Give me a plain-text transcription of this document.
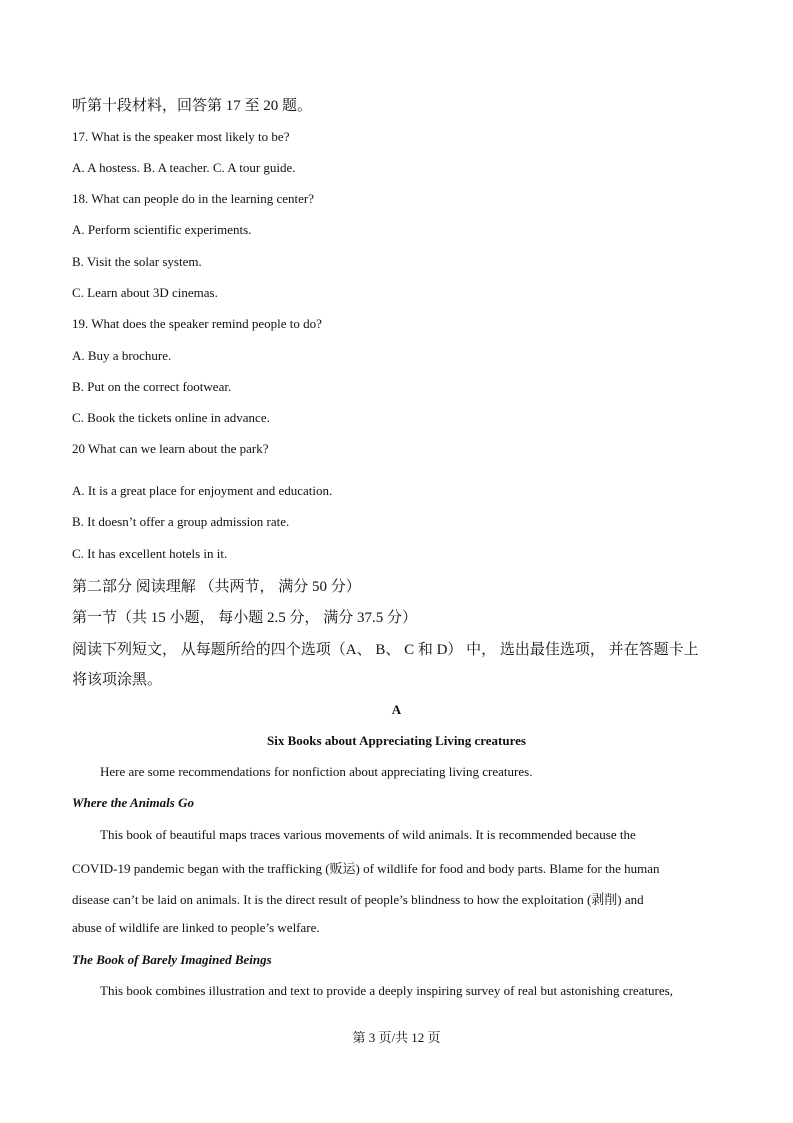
听第十段材料，回答第 17 至 20 题。
17. What is the speaker most likely to be?
A. A hostess. B. A teacher. C. A tour guide.
18. What can people do in the learning center?
A. Perform scientific experiments.
B. Visit the solar system.
C. Learn about 3D cinemas.
19. What does the speaker remind people to do?
A. Buy a brochure.
B. Put on the correct footwear.
C. Book the tickets online in advance.
20 What can we learn about the park?
A. It is a great place for enjoyment and education.
B. It doesn’t offer a group admission rate.
C. It has excellent hotels in it.
第二部分 阅读理解 （共两节， 满分 50 分）
第一节（共 15 小题， 每小题 2.5 分， 满分 37.5 分）
阅读下列短文， 从每题所给的四个选项（A、 B、 C 和 D） 中， 选出最佳选项， 并在答题卡上
将该项涂黑。
A
Six Books about Appreciating Living creatures
Here are some recommendations for nonfiction about appreciating living creatures.
Where the Animals Go
This book of beautiful maps traces various movements of wild animals. It is recommended because the
COVID-19 pandemic began with the trafficking (贩运) of wildlife for food and body parts. Blame for the human
disease can’t be laid on animals. It is the direct result of people’s blindness to how the exploitation (剥削) and
abuse of wildlife are linked to people’s welfare.
The Book of Barely Imagined Beings
This book combines illustration and text to provide a deeply inspiring survey of real but astonishing creatures,
第 3 页/共 12 页
